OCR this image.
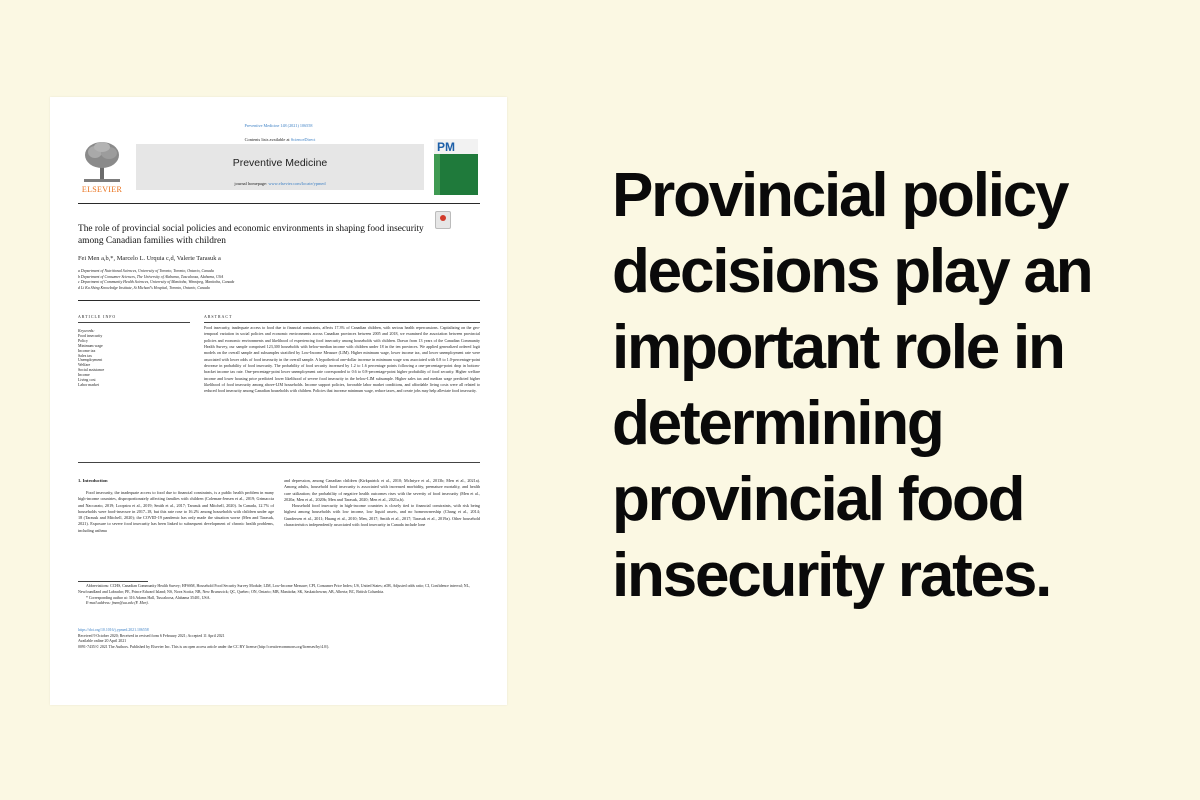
Preventive Medicine 148 (2021) 106558
ELSEVIER
Contents lists available at ScienceDirect
Preventive Medicine
journal homepage: www.elsevier.com/locate/ypmed
PM
The role of provincial social policies and economic environments in shaping food insecurity among Canadian families with children
Fei Men a,b,*, Marcelo L. Urquia c,d, Valerie Tarasuk a
a Department of Nutritional Sciences, University of Toronto, Toronto, Ontario, Canada
b Department of Consumer Sciences, The University of Alabama, Tuscaloosa, Alabama, USA
c Department of Community Health Sciences, University of Manitoba, Winnipeg, Manitoba, Canada
d Li Ka Shing Knowledge Institute, St Michael's Hospital, Toronto, Ontario, Canada
ARTICLE INFO	ABSTRACT
Keywords:
Food insecurity
Policy
Minimum wage
Income tax
Sales tax
Unemployment
Welfare
Social assistance
Income
Living cost
Labor market
Food insecurity, inadequate access to food due to financial constraints, affects 17.3% of Canadian children, with serious health repercussions. Capitalizing on the geo-temporal variation in social policies and economic environments across Canadian provinces between 2005 and 2018, we examined the association between provincial policies and economic environments and likelihood of experiencing food insecurity among households with children. Drawn from 13 years of the Canadian Community Health Survey, our sample comprised 123,300 households with below-median income with children under 18 in the ten provinces. We applied generalized ordered logit models on the overall sample and subsamples stratified by Low-Income Measure (LIM). Higher minimum wage, lower income tax, and lower unemployment rate were associated with lower odds of food insecurity in the overall sample. A hypothetical one-dollar increase in minimum wage was associated with 0.8 to 1.0-percentage-point decrease in probability of food insecurity. The probability of food security increased by 1.2 to 1.6 percentage points following a one-percentage-point drop in bottom-bracket income tax rate. One-percentage-point lower unemployment rate corresponded to 0.6 to 0.8-percentage-point higher probability of food security. Higher welfare income and lower housing price predicted lower likelihood of severe food insecurity in the below-LIM subsample. Higher sales tax and median wage predicted higher likelihood of food insecurity among above-LIM households. Income support policies, favorable labor market conditions, and affordable living costs were all related to reduced food insecurity among Canadian households with children. Policies that increase minimum wage, reduce taxes, and create jobs may help alleviate food insecurity.
1. Introduction
Food insecurity, the inadequate access to food due to financial constraints, is a public health problem in many high-income countries, disproportionately affecting families with children (Coleman-Jensen et al., 2019; Grimaccia and Naccarato, 2019; Loopstra et al., 2019; Smith et al., 2017; Tarasuk and Mitchell, 2020). In Canada, 12.7% of households were food-insecure in 2017–18, but this rate rose to 16.2% among households with children under age 18 (Tarasuk and Mitchell, 2020); the COVID-19 pandemic has only made the situation worse (Men and Tarasuk, 2021). Exposure to severe food insecurity has been linked to subsequent development of chronic health problems, including asthma
and depression, among Canadian children (Kirkpatrick et al., 2010; McIntyre et al., 2013b; Men et al., 2021a). Among adults, household food insecurity is associated with increased morbidity, premature mortality, and health care utilization; the probability of negative health outcomes rises with the severity of food insecurity (Men et al., 2020a; Men et al., 2020b; Men and Tarasuk, 2020; Men et al., 2021a,b).
Household food insecurity in high-income countries is closely tied to financial constraints, with risk being highest among households with low income, low liquid assets, and no homeownership (Chang et al., 2014; Gundersen et al., 2011; Huang et al., 2010; Men, 2017; Smith et al., 2017; Tarasuk et al., 2019a). Other household characteristics independently associated with food insecurity in Canada include lone
Abbreviations: CCHS, Canadian Community Health Survey; HFSSM, Household Food Security Survey Module; LIM, Low-Income Measure; CPI, Consumer Price Index; US, United States; aOR, Adjusted odds ratio; CI, Confidence interval; NL, Newfoundland and Labrador; PE, Prince Edward Island; NS, Nova Scotia; NB, New Brunswick; QC, Quebec; ON, Ontario; MB, Manitoba; SK, Saskatchewan; AB, Alberta; BC, British Columbia.
* Corresponding author at: 316 Adams Hall, Tuscaloosa, Alabama 35401, USA.
E-mail address: fmen@ua.edu (F. Men).
https://doi.org/10.1016/j.ypmed.2021.106558
Received 9 October 2020; Received in revised form 6 February 2021; Accepted 11 April 2021
Available online 20 April 2021
0091-7435/© 2021 The Authors. Published by Elsevier Inc. This is an open access article under the CC BY license (http://creativecommons.org/licenses/by/4.0/).
Provincial policy
decisions play an
important role in
determining
provincial food
insecurity rates.
